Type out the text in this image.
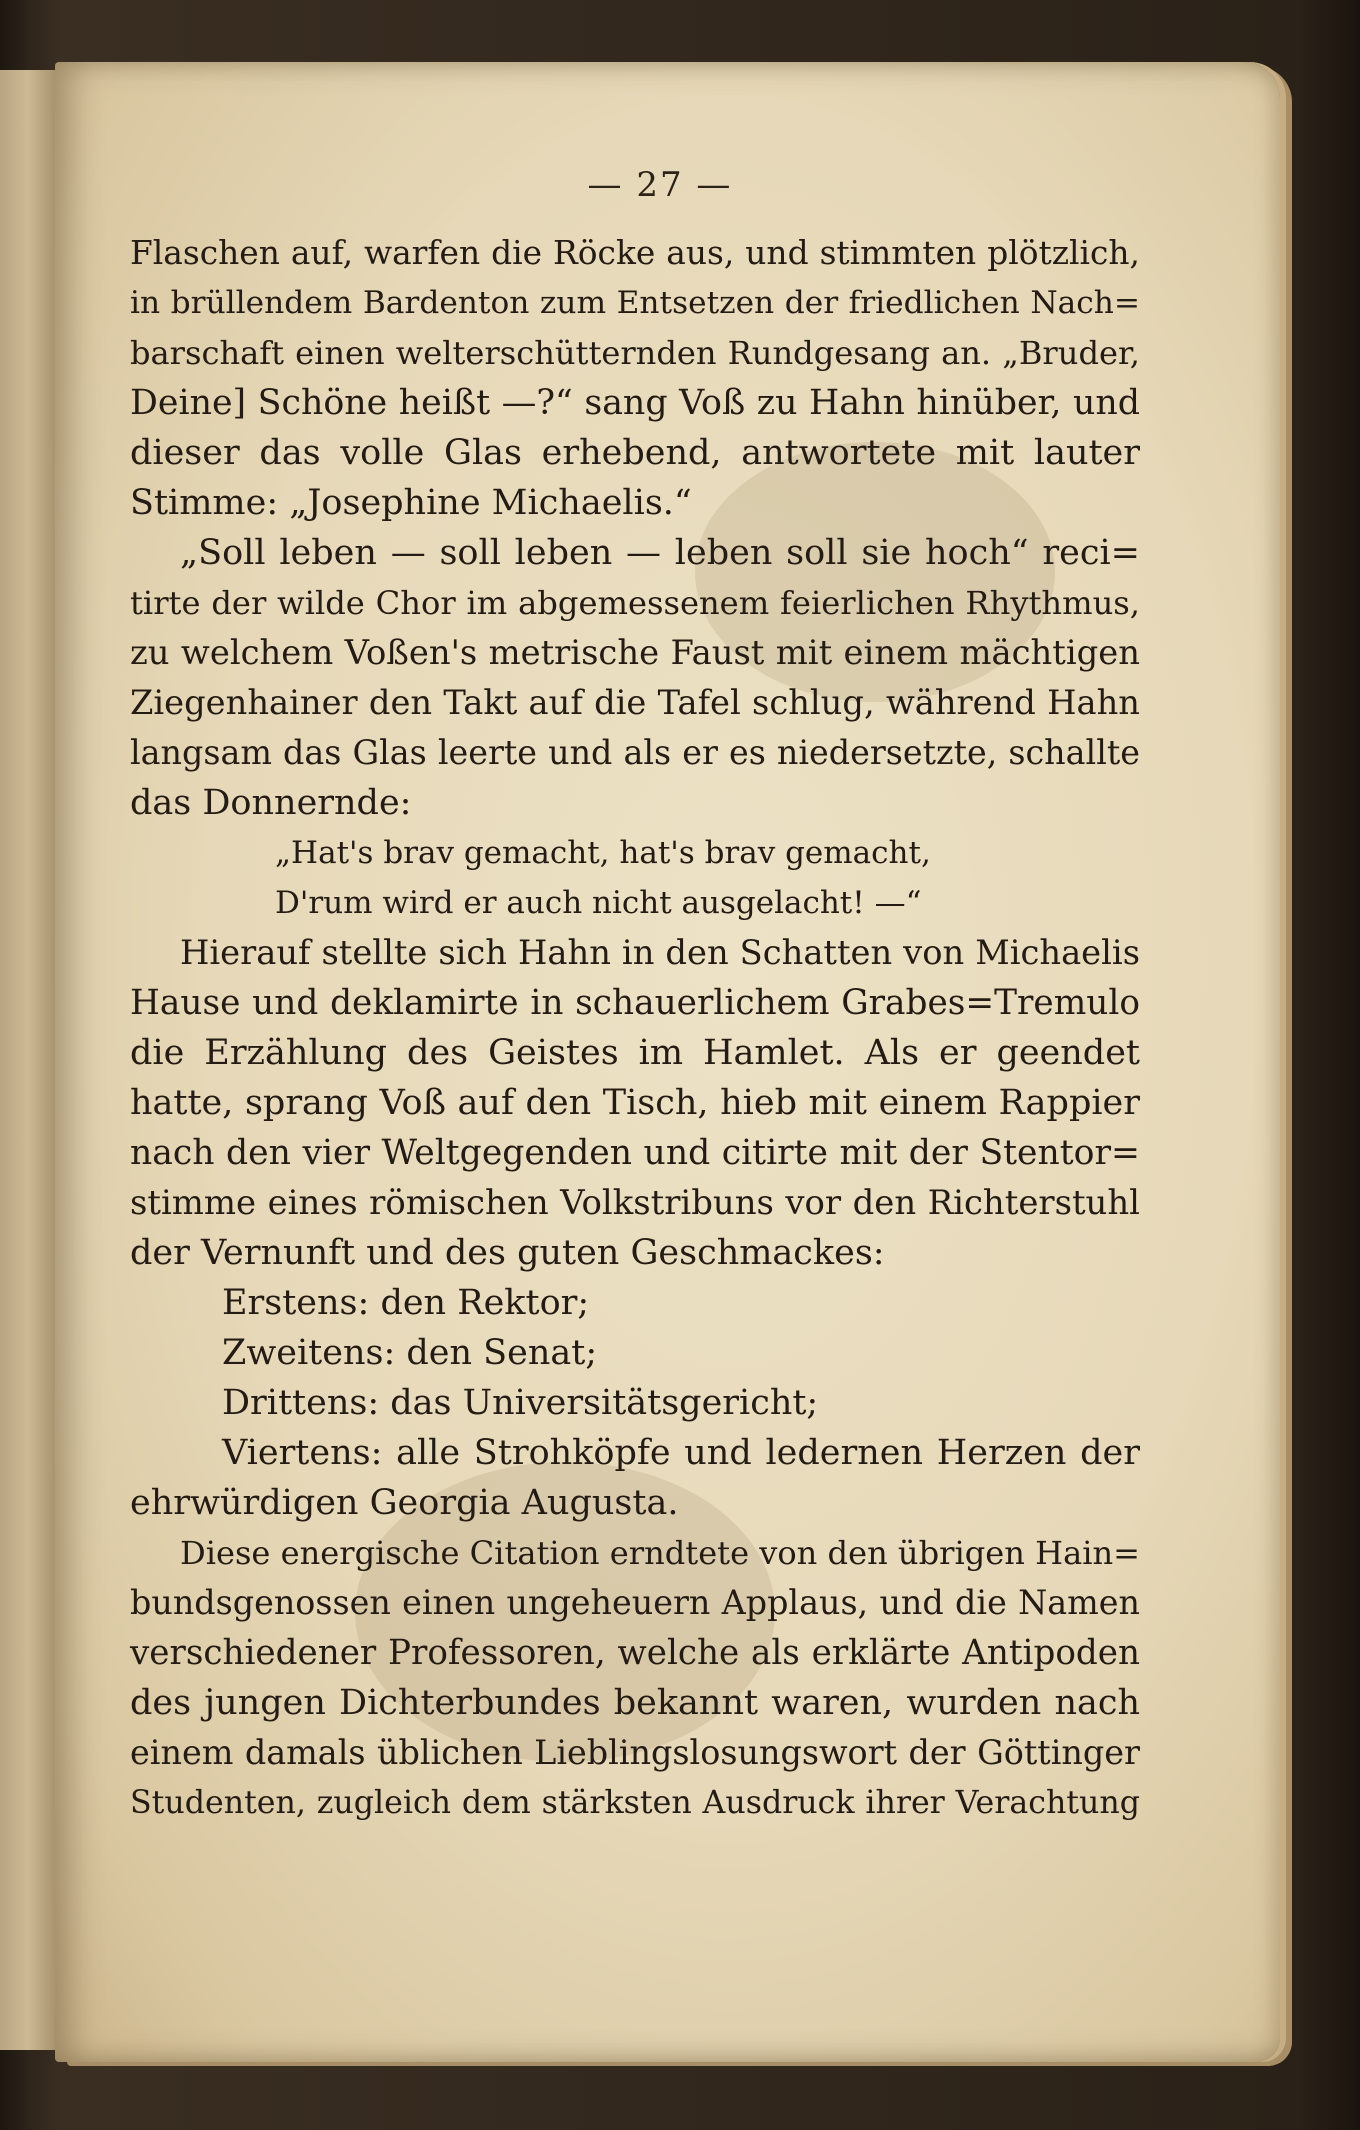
— 27 —
Flaschen auf, warfen die Röcke aus, und stimmten plötzlich,
in brüllendem Bardenton zum Entsetzen der friedlichen Nach=
barschaft einen welterschütternden Rundgesang an. „Bruder,
Deine] Schöne heißt —?“ sang Voß zu Hahn hinüber, und
dieser das volle Glas erhebend, antwortete mit lauter
Stimme: „Josephine Michaelis.“
„Soll leben — soll leben — leben soll sie hoch“ reci=
tirte der wilde Chor im abgemessenem feierlichen Rhythmus,
zu welchem Voßen's metrische Faust mit einem mächtigen
Ziegenhainer den Takt auf die Tafel schlug, während Hahn
langsam das Glas leerte und als er es niedersetzte, schallte
das Donnernde:
„Hat's brav gemacht, hat's brav gemacht,
D'rum wird er auch nicht ausgelacht! —“
Hierauf stellte sich Hahn in den Schatten von Michaelis
Hause und deklamirte in schauerlichem Grabes=Tremulo
die Erzählung des Geistes im Hamlet. Als er geendet
hatte, sprang Voß auf den Tisch, hieb mit einem Rappier
nach den vier Weltgegenden und citirte mit der Stentor=
stimme eines römischen Volkstribuns vor den Richterstuhl
der Vernunft und des guten Geschmackes:
Erstens: den Rektor;
Zweitens: den Senat;
Drittens: das Universitätsgericht;
Viertens: alle Strohköpfe und ledernen Herzen der
ehrwürdigen Georgia Augusta.
Diese energische Citation erndtete von den übrigen Hain=
bundsgenossen einen ungeheuern Applaus, und die Namen
verschiedener Professoren, welche als erklärte Antipoden
des jungen Dichterbundes bekannt waren, wurden nach
einem damals üblichen Lieblingslosungswort der Göttinger
Studenten, zugleich dem stärksten Ausdruck ihrer Verachtung
